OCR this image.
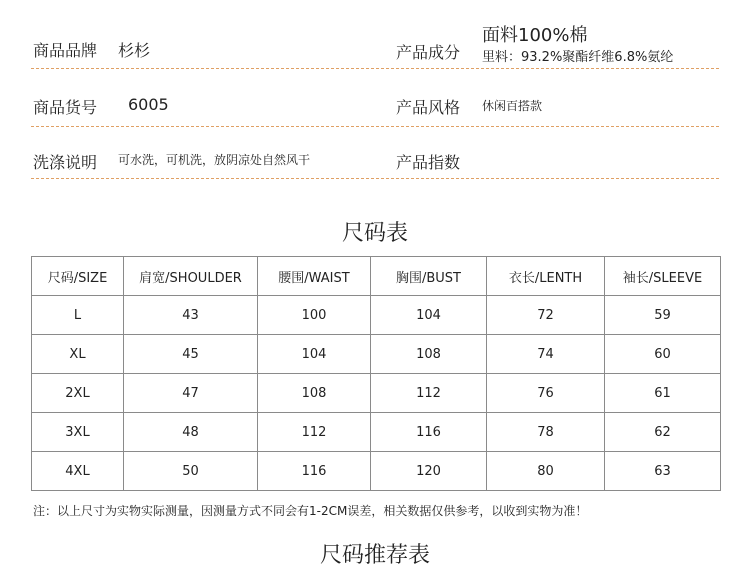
商品品牌 杉杉	产品成分
面料100%棉
里料：93.2%聚酯纤维6.8%氨纶
商品货号 6005	产品风格 休闲百搭款
洗涤说明 可水洗，可机洗，放阴凉处自然风干	产品指数
尺码表
尺码/SIZE	肩宽/SHOULDER	腰围/WAIST	胸围/BUST	衣长/LENTH	袖长/SLEEVE
L	43	100	104	72	59
XL	45	104	108	74	60
2XL	47	108	112	76	61
3XL	48	112	116	78	62
4XL	50	116	120	80	63
注：以上尺寸为实物实际测量，因测量方式不同会有1-2CM误差，相关数据仅供参考，以收到实物为准！
尺码推荐表
